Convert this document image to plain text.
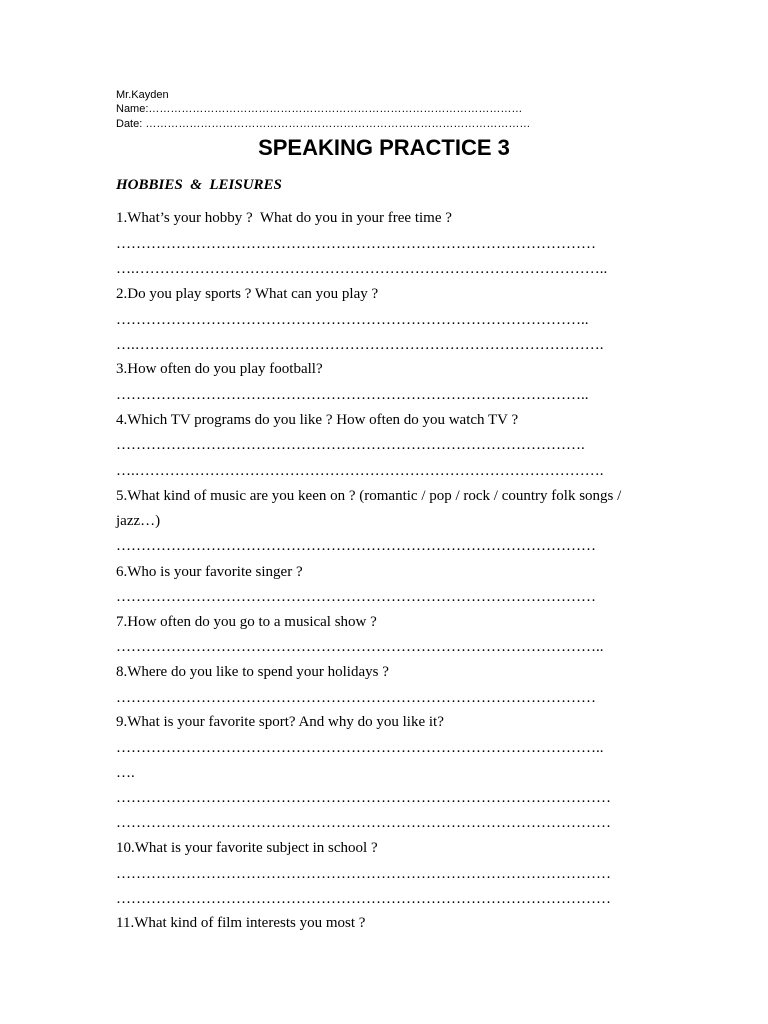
Mr.Kayden
Name:…………………………………………………………………………………………
Date: ……………………………………………………………………………………………
SPEAKING PRACTICE 3
HOBBIES  &  LEISURES
1.What’s your hobby ?  What do you in your free time ?
……………………………………………………………………………………
….…………………………………………………………………………………..
2.Do you play sports ? What can you play ?
…………………………………………………………………………………..
….………………………………………………………………………………….
3.How often do you play football?
…………………………………………………………………………………..
4.Which TV programs do you like ? How often do you watch TV ?
………………………………………………………………………………….
….………………………………………………………………………………….
5.What kind of music are you keen on ? (romantic / pop / rock / country folk songs /
jazz…)
……………………………………………………………………………………
6.Who is your favorite singer ?
……………………………………………………………………………………
7.How often do you go to a musical show ?
……………………………………………………………………………………..
8.Where do you like to spend your holidays ?
……………………………………………………………………………………
9.What is your favorite sport? And why do you like it?
……………………………………………………………………………………..
….
………………………………………………………………………………………
………………………………………………………………………………………
10.What is your favorite subject in school ?
………………………………………………………………………………………
………………………………………………………………………………………
11.What kind of film interests you most ?
